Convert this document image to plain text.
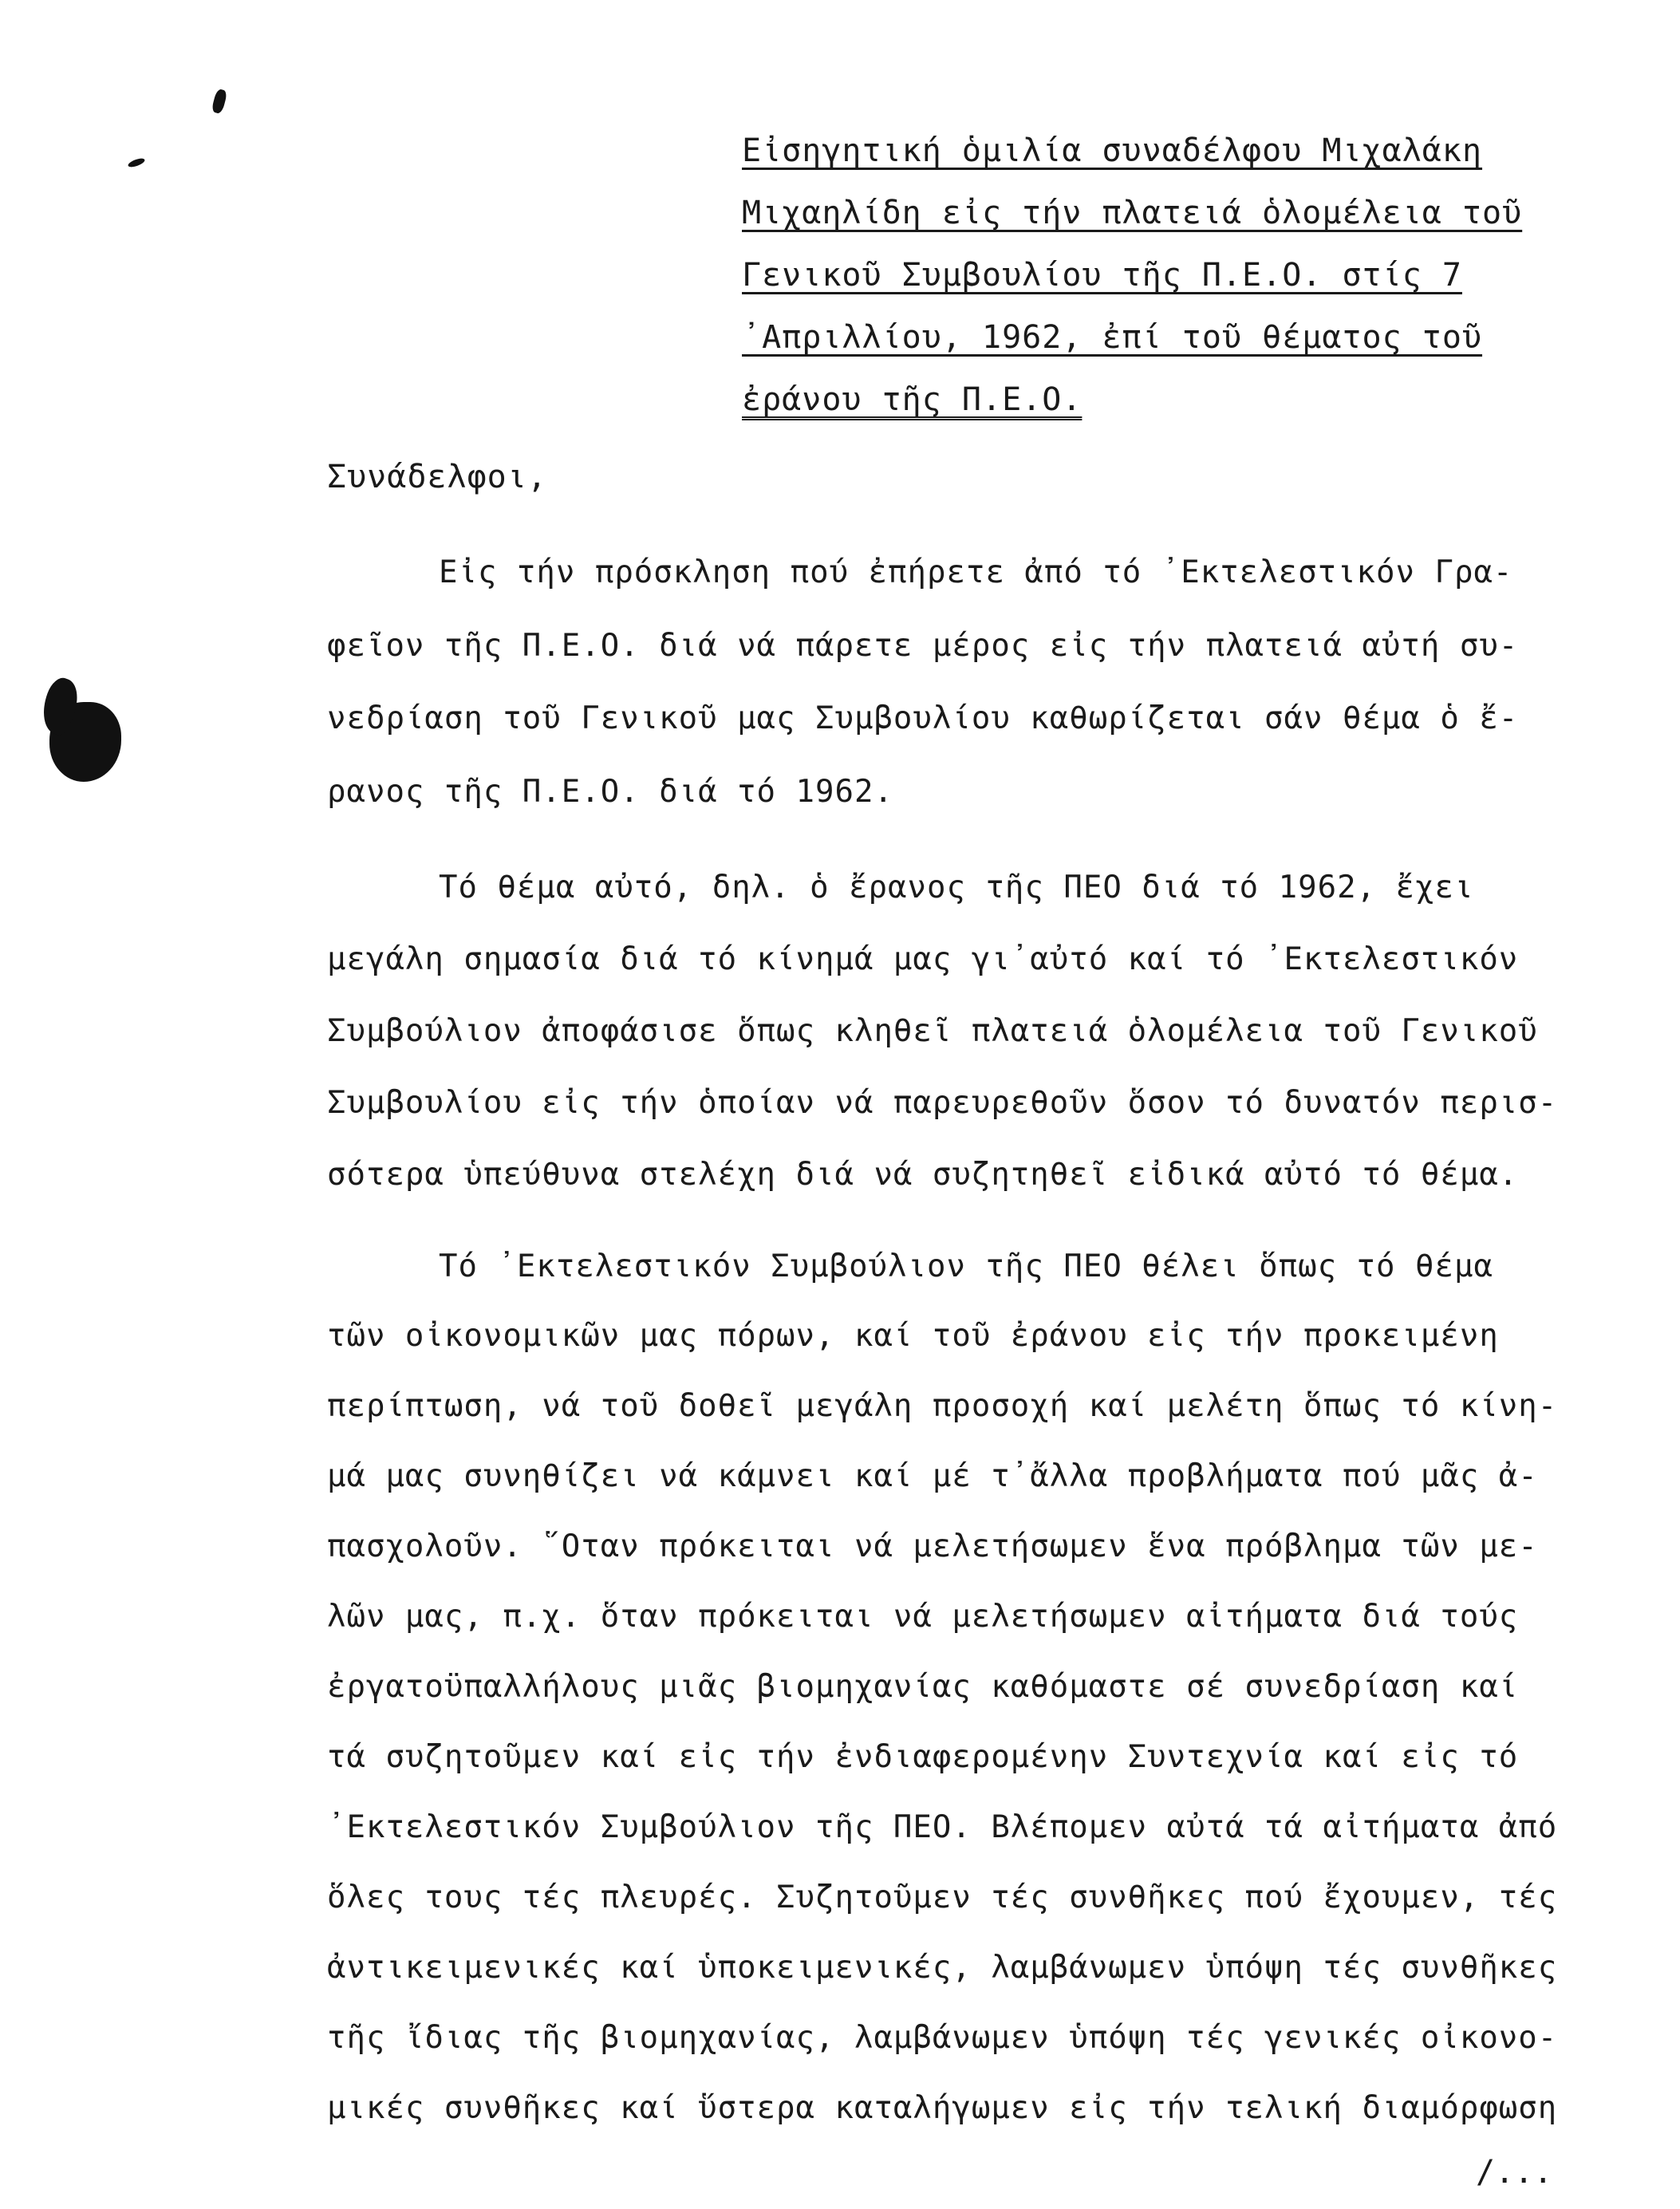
Εἰσηγητική ὁμιλία συναδέλφου Μιχαλάκη
Μιχαηλίδη εἰς τήν πλατειά ὁλομέλεια τοῦ
Γενικοῦ Συμβουλίου τῆς Π.Ε.Ο. στίς 7
᾿Απριλλίου, 1962, ἐπί τοῦ θέματος τοῦ
ἐράνου τῆς Π.Ε.Ο.
Συνάδελφοι,
Εἰς τήν πρόσκληση πού ἐπήρετε ἀπό τό ᾿Εκτελεστικόν Γρα-
φεῖον τῆς Π.Ε.Ο. διά νά πάρετε μέρος εἰς τήν πλατειά αὐτή συ-
νεδρίαση τοῦ Γενικοῦ μας Συμβουλίου καθωρίζεται σάν θέμα ὁ ἔ-
ρανος τῆς Π.Ε.Ο. διά τό 1962.
Τό θέμα αὐτό, δηλ. ὁ ἔρανος τῆς ΠΕΟ διά τό 1962, ἔχει
μεγάλη σημασία διά τό κίνημά μας γι᾿αὐτό καί τό ᾿Εκτελεστικόν
Συμβούλιον ἀποφάσισε ὅπως κληθεῖ πλατειά ὁλομέλεια τοῦ Γενικοῦ
Συμβουλίου εἰς τήν ὁποίαν νά παρευρεθοῦν ὅσον τό δυνατόν περισ-
σότερα ὑπεύθυνα στελέχη διά νά συζητηθεῖ εἰδικά αὐτό τό θέμα.
Τό ᾿Εκτελεστικόν Συμβούλιον τῆς ΠΕΟ θέλει ὅπως τό θέμα
τῶν οἰκονομικῶν μας πόρων, καί τοῦ ἐράνου εἰς τήν προκειμένη
περίπτωση, νά τοῦ δοθεῖ μεγάλη προσοχή καί μελέτη ὅπως τό κίνη-
μά μας συνηθίζει νά κάμνει καί μέ τ᾿ἄλλα προβλήματα πού μᾶς ἀ-
πασχολοῦν. ῞Οταν πρόκειται νά μελετήσωμεν ἕνα πρόβλημα τῶν με-
λῶν μας, π.χ. ὅταν πρόκειται νά μελετήσωμεν αἰτήματα διά τούς
ἐργατοϋπαλλήλους μιᾶς βιομηχανίας καθόμαστε σέ συνεδρίαση καί
τά συζητοῦμεν καί εἰς τήν ἐνδιαφερομένην Συντεχνία καί εἰς τό
᾿Εκτελεστικόν Συμβούλιον τῆς ΠΕΟ. Βλέπομεν αὐτά τά αἰτήματα ἀπό
ὅλες τους τές πλευρές. Συζητοῦμεν τές συνθῆκες πού ἔχουμεν, τές
ἀντικειμενικές καί ὑποκειμενικές, λαμβάνωμεν ὑπόψη τές συνθῆκες
τῆς ἴδιας τῆς βιομηχανίας, λαμβάνωμεν ὑπόψη τές γενικές οἰκονο-
μικές συνθῆκες καί ὕστερα καταλήγωμεν εἰς τήν τελική διαμόρφωση
/...
